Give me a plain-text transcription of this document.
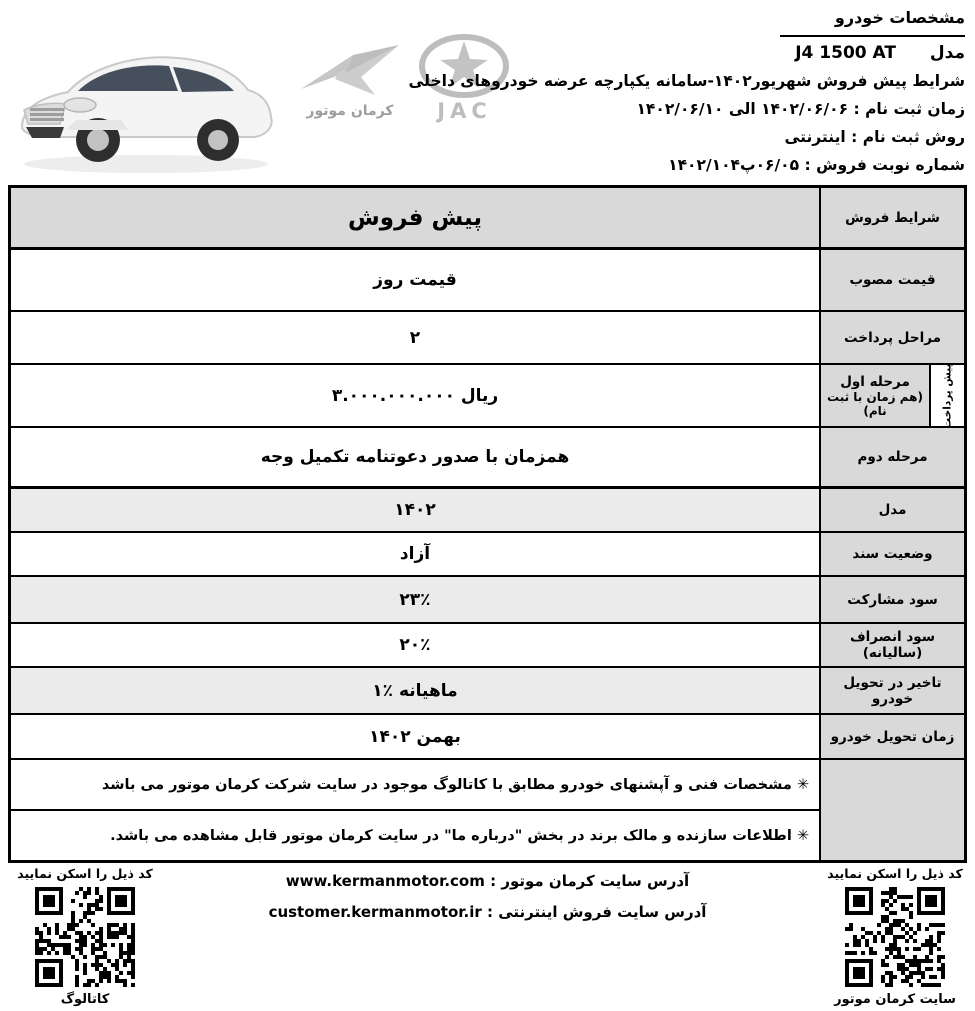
کرمان موتور	JAC
مشخصات خودرو
مدل J4 1500 AT
شرایط پیش فروش شهریور۱۴۰۲-سامانه یکپارچه عرضه خودروهای داخلی
زمان ثبت نام : ۱۴۰۲/۰۶/۰۶ الی ۱۴۰۲/۰۶/۱۰
روش ثبت نام : اینترنتی
شماره نوبت فروش : ۰۶/۰۵پ۱۴۰۲/۱۰۴
شرایط فروش
پیش فروش
قیمت مصوب
قیمت روز
مراحل پرداخت
۲
پیش پرداخت
مرحله اول
(هم زمان با ثبت نام)
۳.۰۰۰.۰۰۰.۰۰۰ ریال
مرحله دوم
همزمان با صدور دعوتنامه تکمیل وجه
مدل
۱۴۰۲
وضعیت سند
آزاد
سود مشارکت
۲۳٪
سود انصراف (سالیانه)
۲۰٪
تاخیر در تحویل خودرو
۱٪ ماهیانه
زمان تحویل خودرو
بهمن ۱۴۰۲
✳ مشخصات فنی و آپشنهای خودرو مطابق با کاتالوگ موجود در سایت شرکت کرمان موتور می باشد
✳ اطلاعات سازنده و مالک برند در بخش "درباره ما" در سایت کرمان موتور قابل مشاهده می باشد.
کد ذیل را اسکن نمایید
کاتالوگ
آدرس سایت کرمان موتور : www.kermanmotor.com
آدرس سایت فروش اینترنتی : customer.kermanmotor.ir
کد ذیل را اسکن نمایید
سایت کرمان موتور
